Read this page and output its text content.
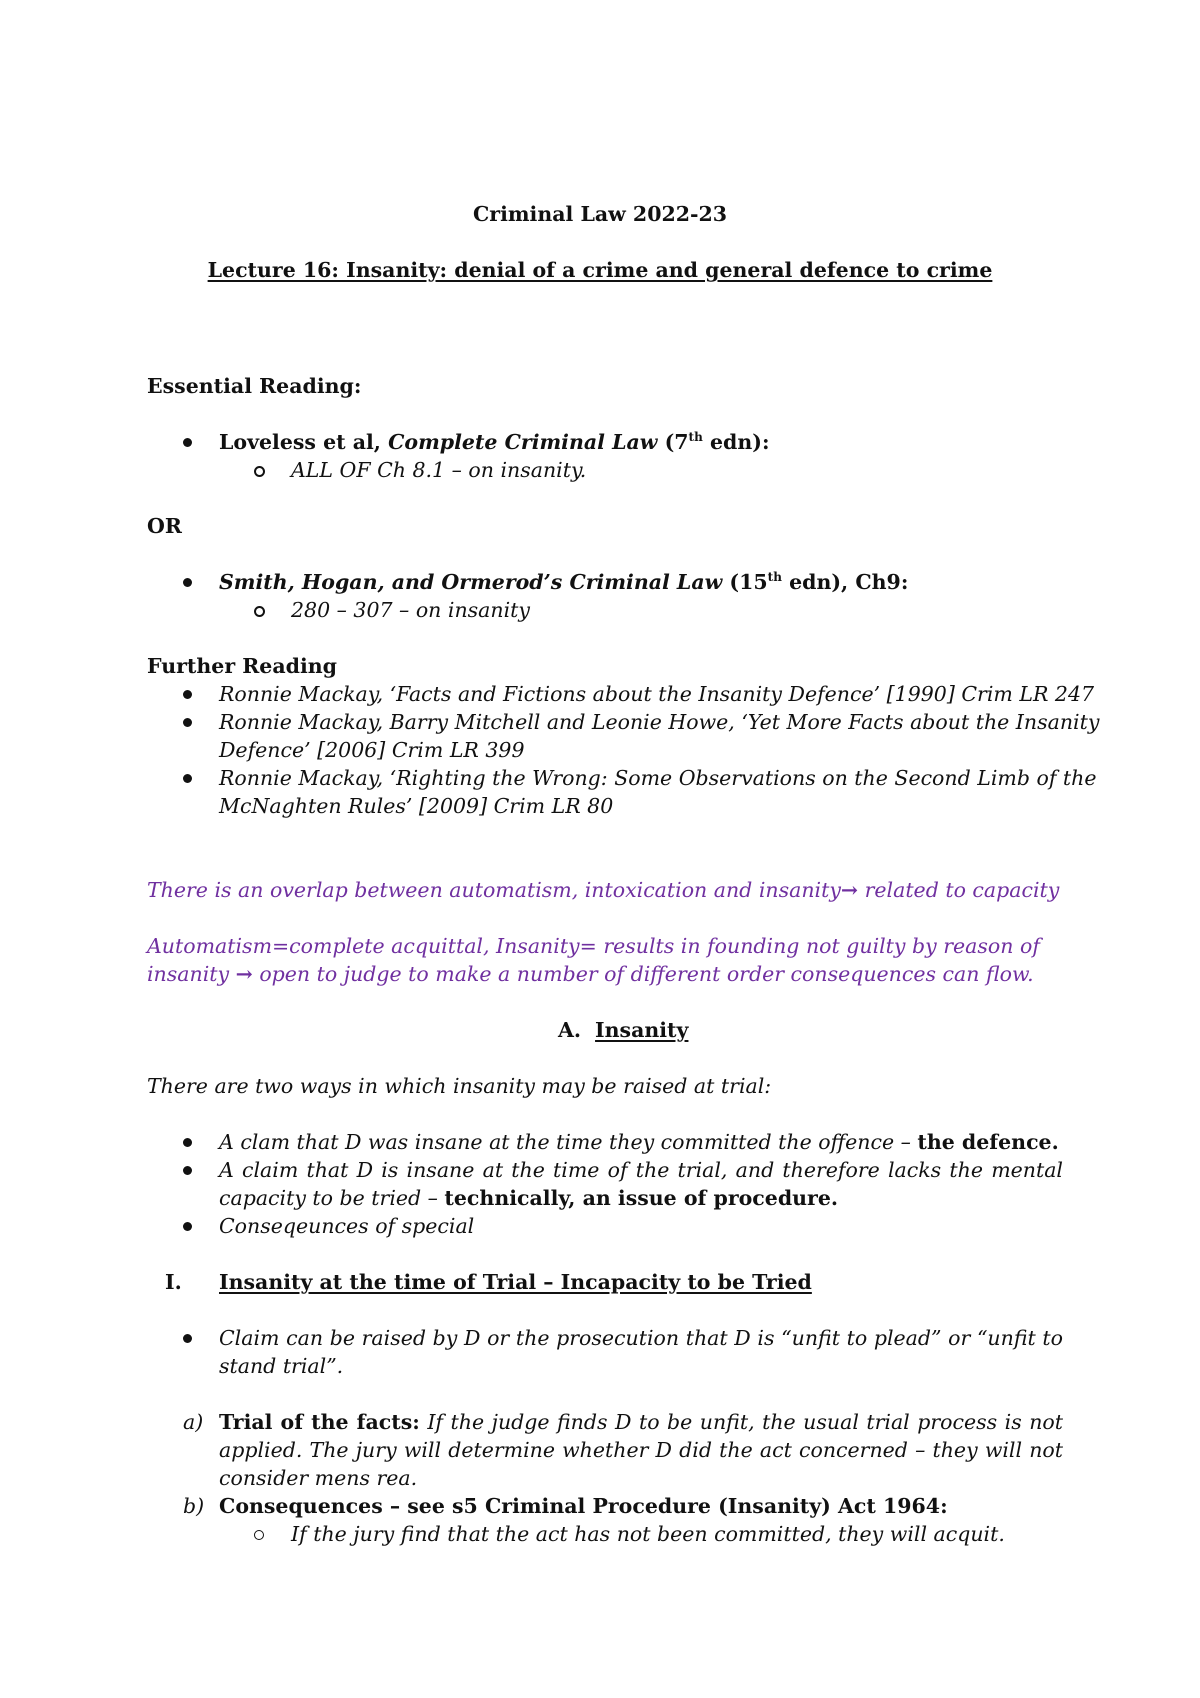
Criminal Law 2022-23
Lecture 16: Insanity: denial of a crime and general defence to crime
Essential Reading:
Loveless et al, Complete Criminal Law (7th edn):
ALL OF Ch 8.1 – on insanity.
OR
Smith, Hogan, and Ormerod’s Criminal Law (15th edn), Ch9:
280 – 307 – on insanity
Further Reading
Ronnie Mackay, ‘Facts and Fictions about the Insanity Defence’ [1990] Crim LR 247
Ronnie Mackay, Barry Mitchell and Leonie Howe, ‘Yet More Facts about the Insanity
Defence’ [2006] Crim LR 399
Ronnie Mackay, ‘Righting the Wrong: Some Observations on the Second Limb of the
McNaghten Rules’ [2009] Crim LR 80
There is an overlap between automatism, intoxication and insanity→ related to capacity
Automatism=complete acquittal, Insanity= results in founding not guilty by reason of
insanity → open to judge to make a number of different order consequences can flow.
A. Insanity
There are two ways in which insanity may be raised at trial:
A clam that D was insane at the time they committed the offence – the defence.
A claim that D is insane at the time of the trial, and therefore lacks the mental
capacity to be tried – technically, an issue of procedure.
Conseqeunces of special
I. Insanity at the time of Trial – Incapacity to be Tried
Claim can be raised by D or the prosecution that D is “unfit to plead” or “unfit to
stand trial”.
a) Trial of the facts: If the judge finds D to be unfit, the usual trial process is not
applied. The jury will determine whether D did the act concerned – they will not
consider mens rea.
b) Consequences – see s5 Criminal Procedure (Insanity) Act 1964:
If the jury find that the act has not been committed, they will acquit.
